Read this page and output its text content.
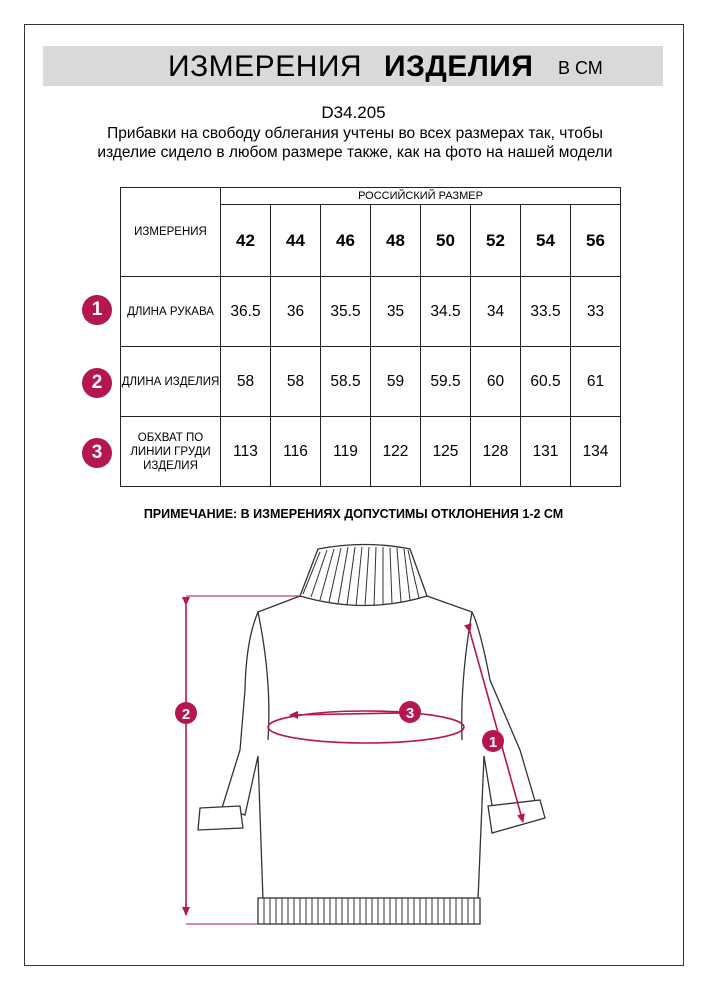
ИЗМЕРЕНИЯ ИЗДЕЛИЯ В СМ
D34.205
Прибавки на свободу облегания учтены во всех размерах так, чтобы изделие сидело в любом размере также, как на фото на нашей модели
ИЗМЕРЕНИЯ	РОССИЙСКИЙ РАЗМЕР							
	42	44	46	48	50	52	54	56
ДЛИНА РУКАВА	36.5	36	35.5	35	34.5	34	33.5	33
ДЛИНА ИЗДЕЛИЯ	58	58	58.5	59	59.5	60	60.5	61
ОБХВАТ ПО ЛИНИИ ГРУДИ ИЗДЕЛИЯ	113	116	119	122	125	128	131	134
1
2
3
ПРИМЕЧАНИЕ: В ИЗМЕРЕНИЯХ ДОПУСТИМЫ ОТКЛОНЕНИЯ 1-2 СМ
2	3
1
